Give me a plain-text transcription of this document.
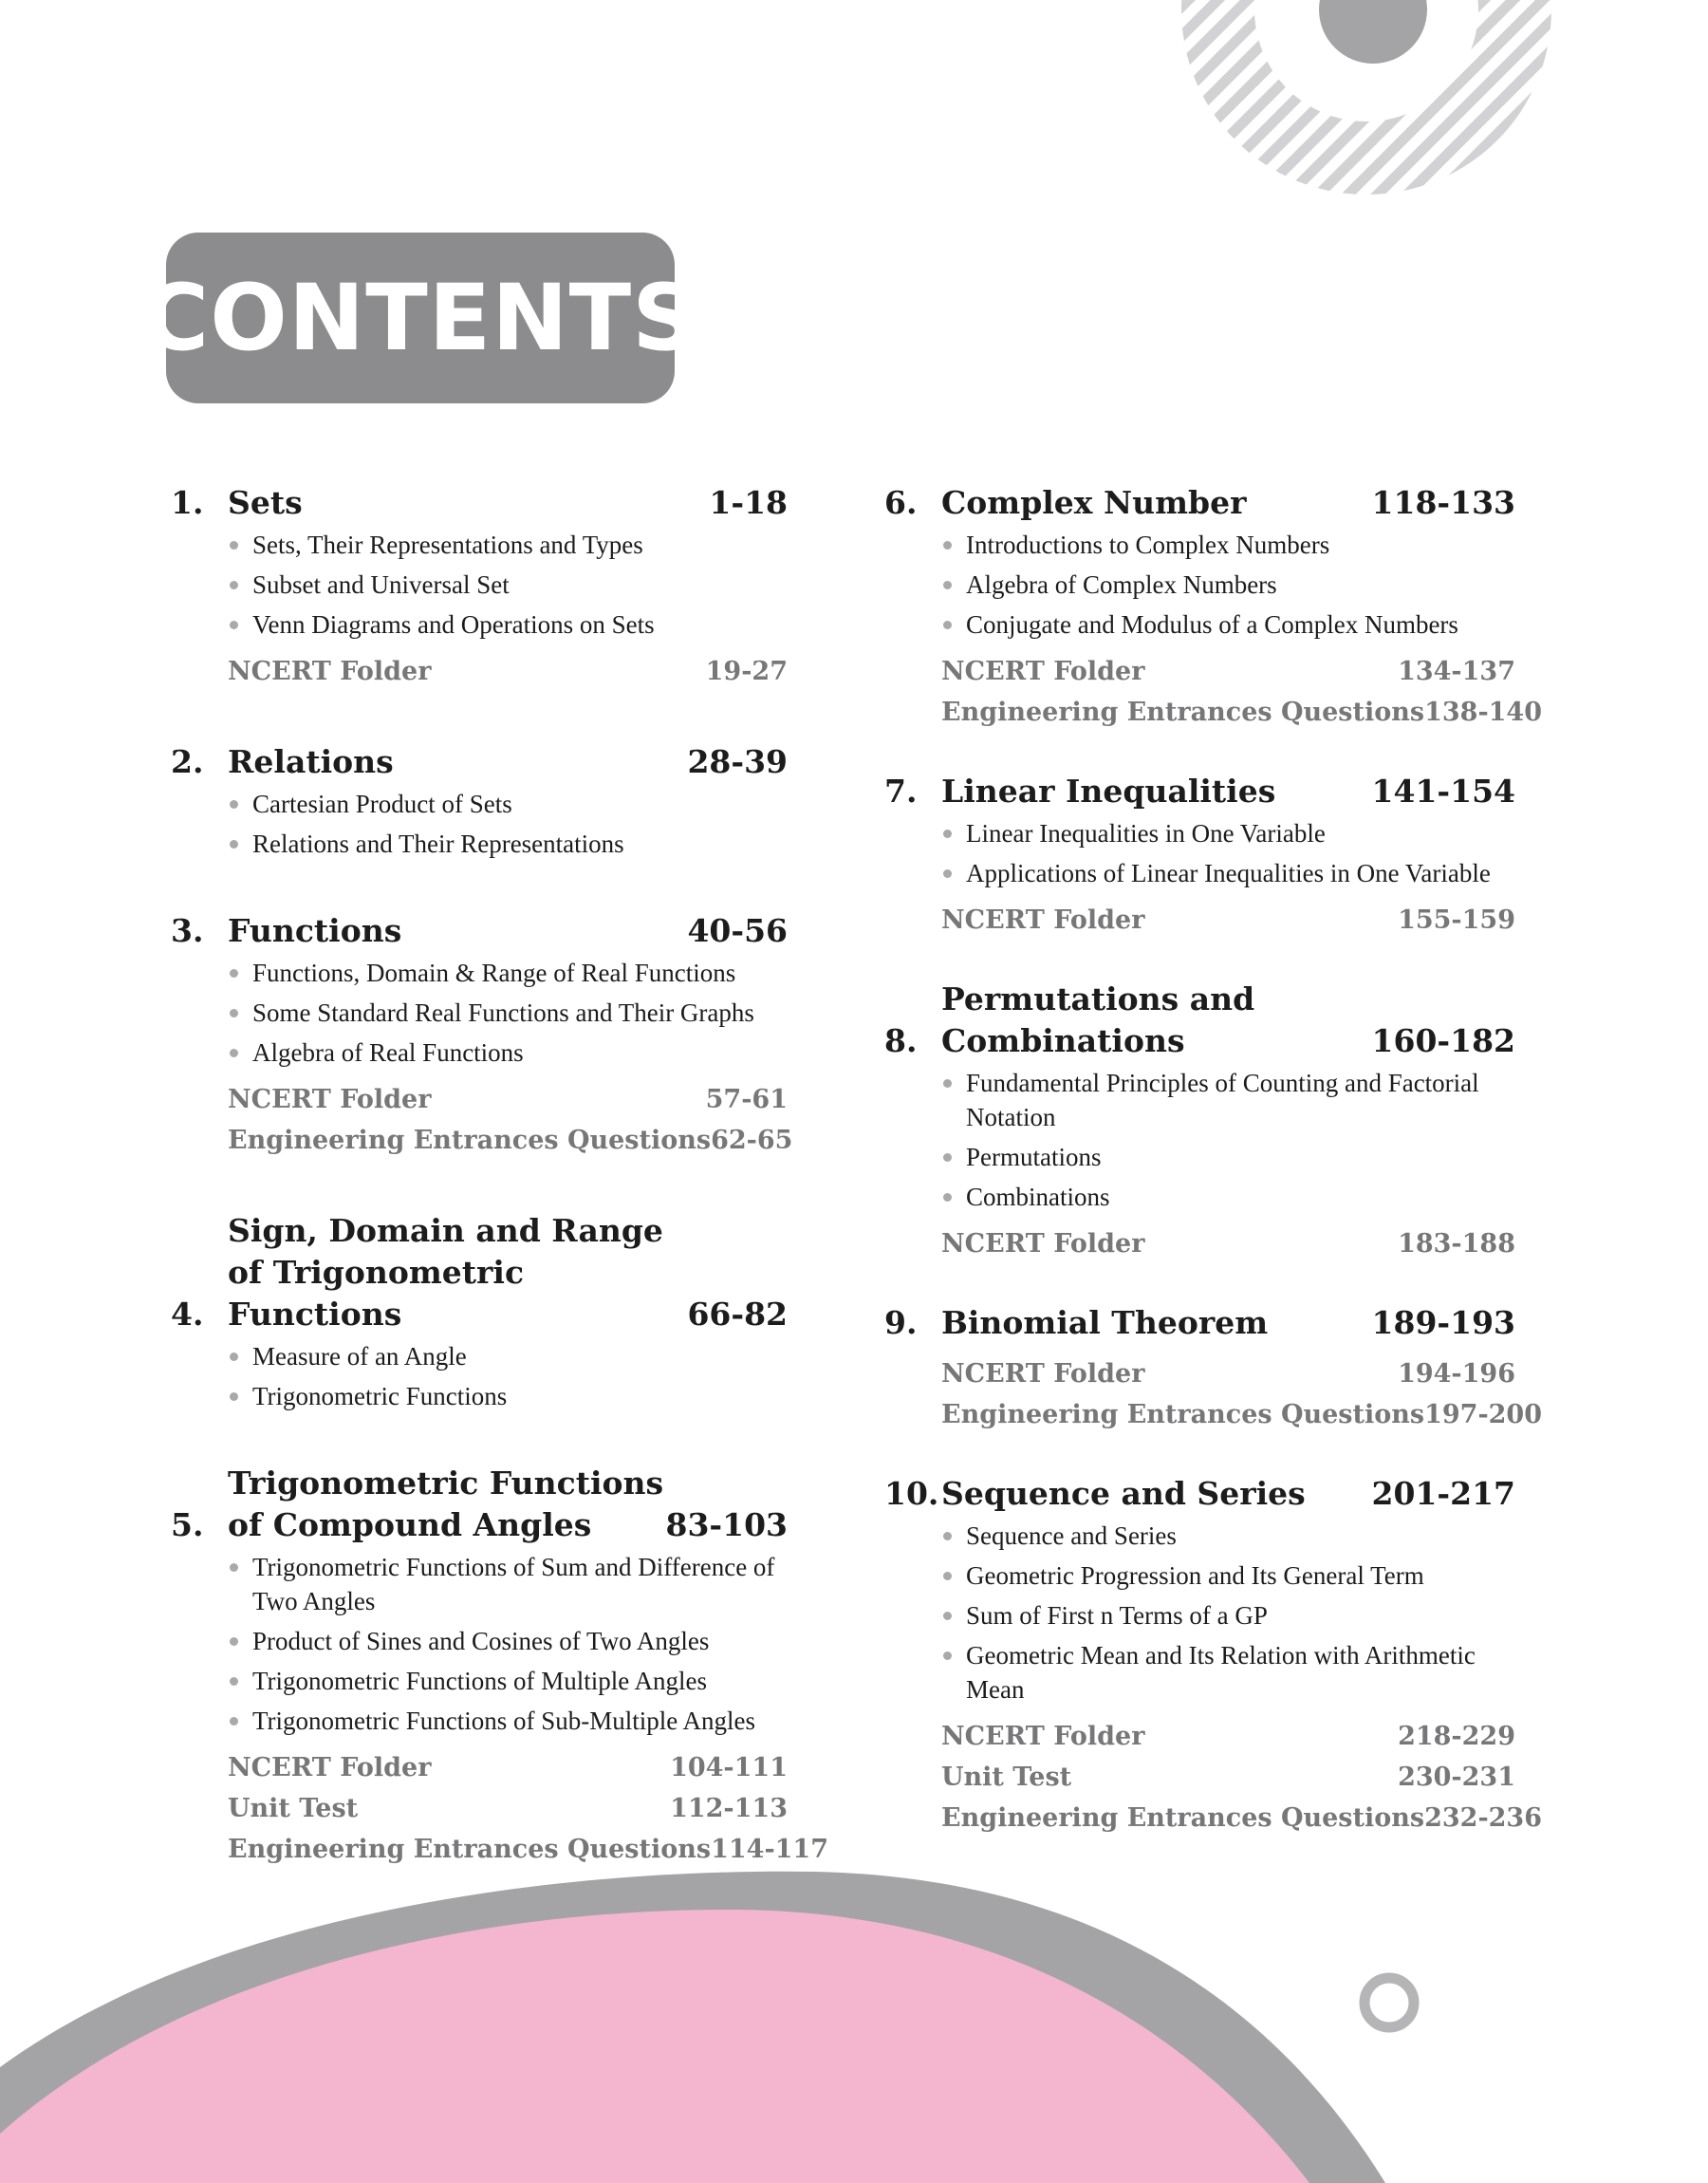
CONTENTS
1. Sets	1-18
Sets, Their Representations and Types
Subset and Universal Set
Venn Diagrams and Operations on Sets
NCERT Folder	19-27
2. Relations	28-39
Cartesian Product of Sets
Relations and Their Representations
3. Functions	40-56
Functions, Domain & Range of Real Functions
Some Standard Real Functions and Their Graphs
Algebra of Real Functions
NCERT Folder	57-61
Engineering Entrances Questions 62-65
4.
Sign, Domain and Range of Trigonometric Functions	66-82
Measure of an Angle
Trigonometric Functions
5.
Trigonometric Functions of Compound Angles	83-103
Trigonometric Functions of Sum and Difference of Two Angles
Product of Sines and Cosines of Two Angles
Trigonometric Functions of Multiple Angles
Trigonometric Functions of Sub-Multiple Angles
NCERT Folder	104-111
Unit Test	112-113
Engineering Entrances Questions 114-117
6. Complex Number	118-133
Introductions to Complex Numbers
Algebra of Complex Numbers
Conjugate and Modulus of a Complex Numbers
NCERT Folder	134-137
Engineering Entrances Questions 138-140
7. Linear Inequalities	141-154
Linear Inequalities in One Variable
Applications of Linear Inequalities in One Variable
NCERT Folder	155-159
8.
Permutations and Combinations	160-182
Fundamental Principles of Counting and Factorial Notation
Permutations
Combinations
NCERT Folder	183-188
9. Binomial Theorem	189-193
NCERT Folder	194-196
Engineering Entrances Questions 197-200
10. Sequence and Series	201-217
Sequence and Series
Geometric Progression and Its General Term
Sum of First n Terms of a GP
Geometric Mean and Its Relation with Arithmetic Mean
NCERT Folder	218-229
Unit Test	230-231
Engineering Entrances Questions 232-236
